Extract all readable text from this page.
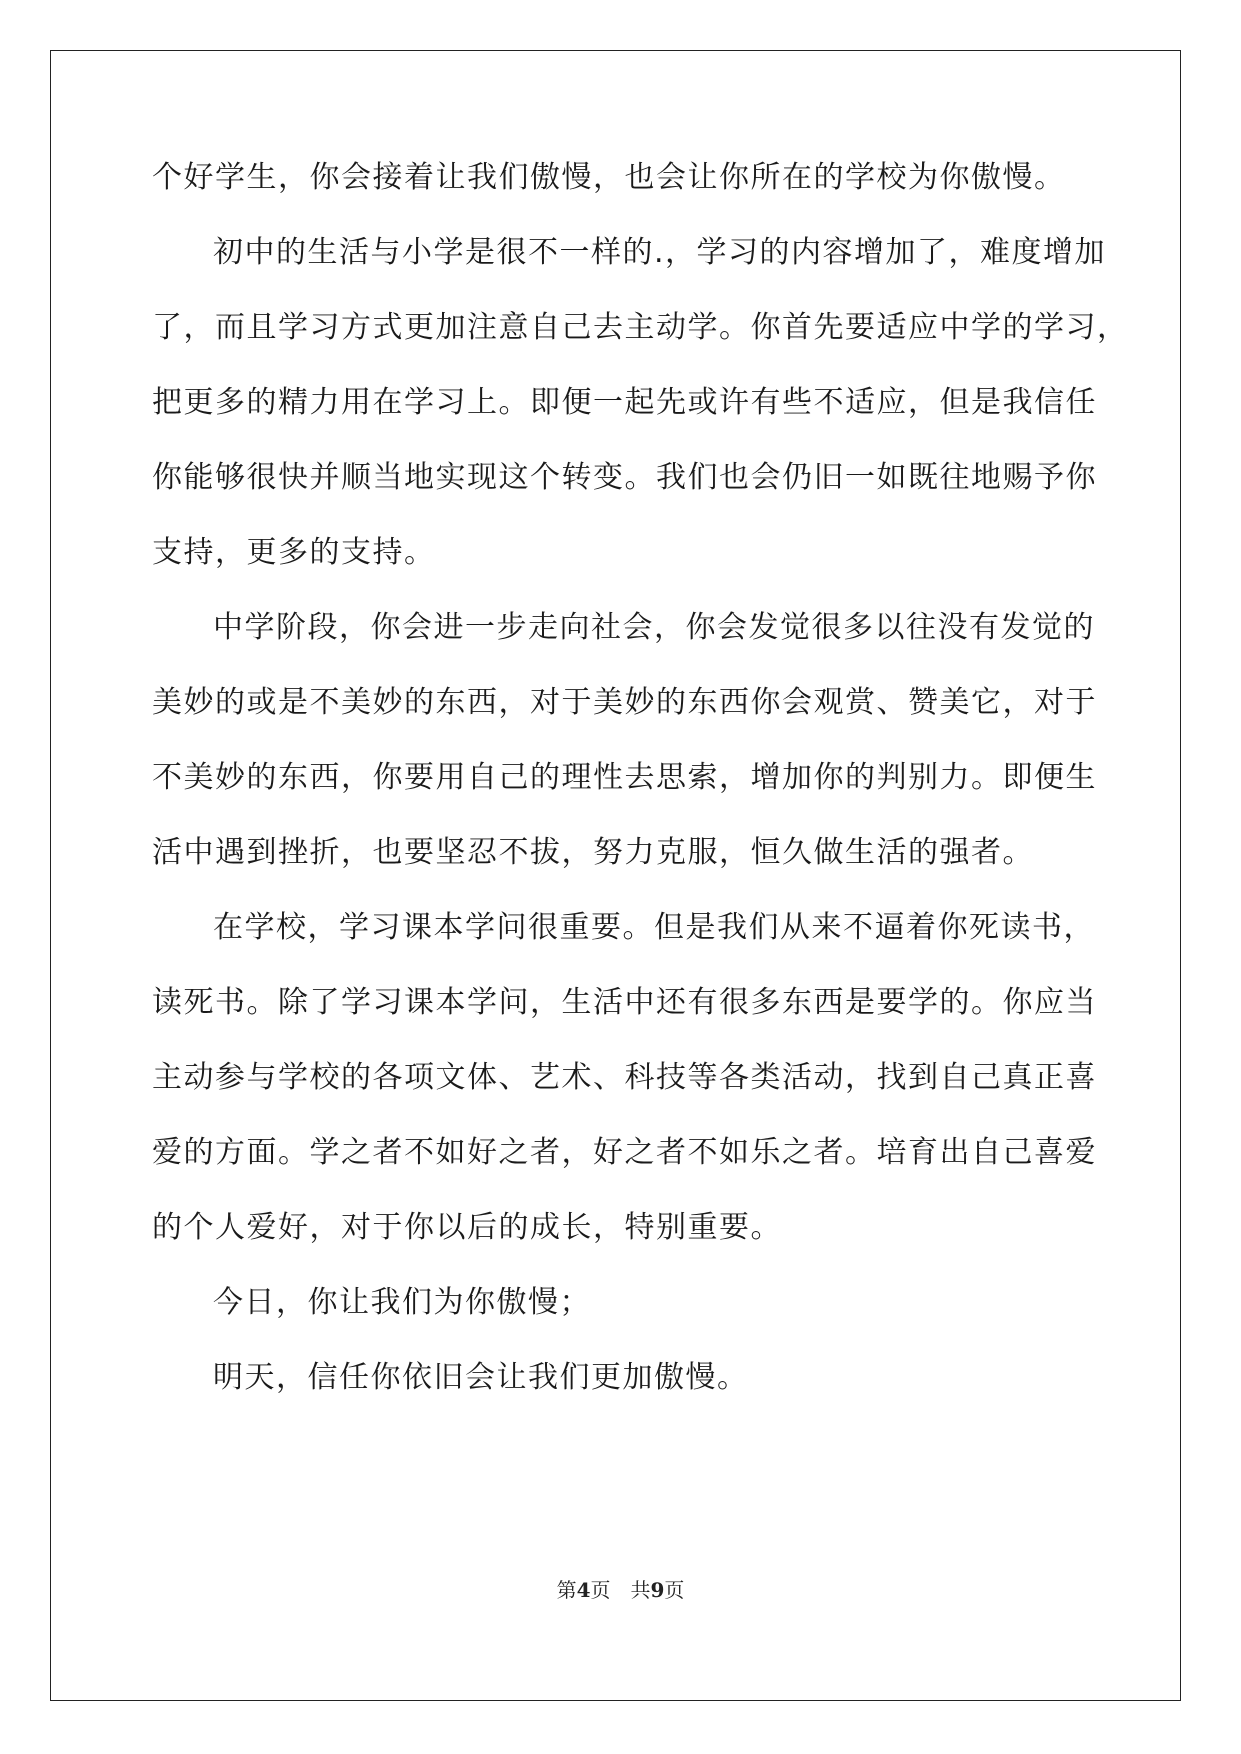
个好学生，你会接着让我们傲慢，也会让你所在的学校为你傲慢。
初中的生活与小学是很不一样的.，学习的内容增加了，难度增加
了，而且学习方式更加注意自己去主动学。你首先要适应中学的学习，
把更多的精力用在学习上。即便一起先或许有些不适应，但是我信任
你能够很快并顺当地实现这个转变。我们也会仍旧一如既往地赐予你
支持，更多的支持。
中学阶段，你会进一步走向社会，你会发觉很多以往没有发觉的
美妙的或是不美妙的东西，对于美妙的东西你会观赏、赞美它，对于
不美妙的东西，你要用自己的理性去思索，增加你的判别力。即便生
活中遇到挫折，也要坚忍不拔，努力克服，恒久做生活的强者。
在学校，学习课本学问很重要。但是我们从来不逼着你死读书，
读死书。除了学习课本学问，生活中还有很多东西是要学的。你应当
主动参与学校的各项文体、艺术、科技等各类活动，找到自己真正喜
爱的方面。学之者不如好之者，好之者不如乐之者。培育出自己喜爱
的个人爱好，对于你以后的成长，特别重要。
今日，你让我们为你傲慢；
明天，信任你依旧会让我们更加傲慢。
第4页　共9页
